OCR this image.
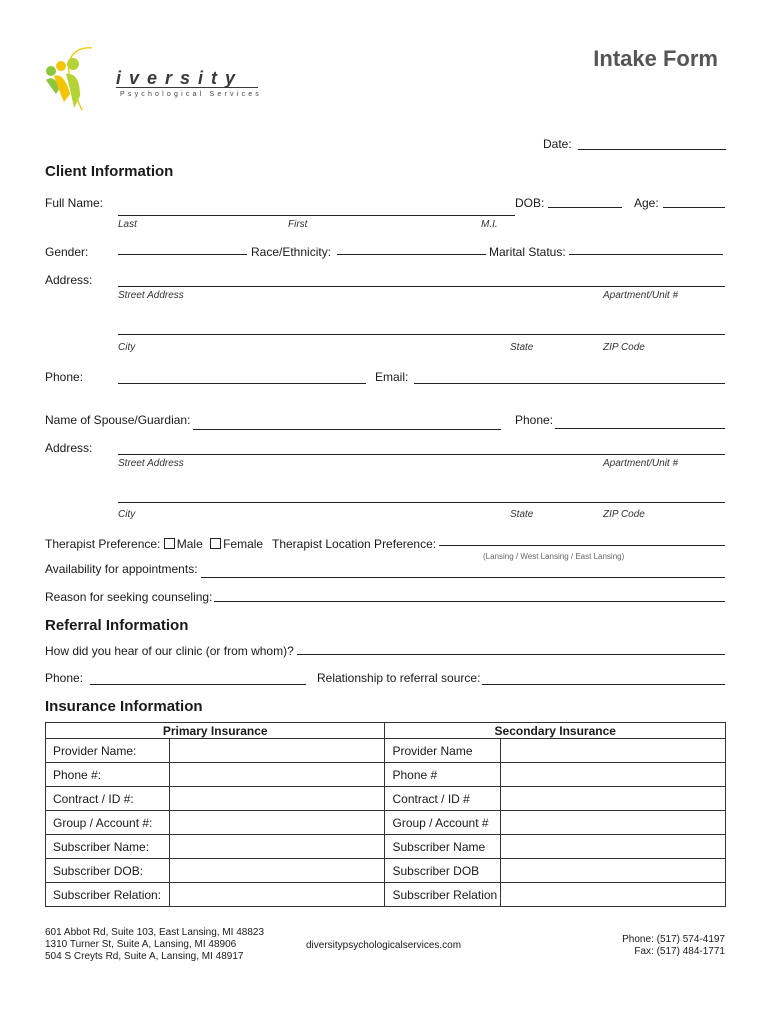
iversity
Psychological Services
Intake Form
Date:
Client Information
Full Name:	DOB:	Age:
Last	First	M.I.
Gender:	Race/Ethnicity:	Marital Status:
Address:
Street Address	Apartment/Unit #
City	State	ZIP Code
Phone:	Email:
Name of Spouse/Guardian:	Phone:
Address:
Street Address	Apartment/Unit #
City	State	ZIP Code
Therapist Preference: Male Female Therapist Location Preference:
(Lansing / West Lansing / East Lansing)
Availability for appointments:
Reason for seeking counseling:
Referral Information
How did you hear of our clinic (or from whom)?
Phone:	Relationship to referral source:
Insurance Information
Primary Insurance		Secondary Insurance	
Provider Name:		Provider Name	
Phone #:		Phone #	
Contract / ID #:		Contract / ID #	
Group / Account #:		Group / Account #	
Subscriber Name:		Subscriber Name	
Subscriber DOB:		Subscriber DOB	
Subscriber Relation:		Subscriber Relation	
601 Abbot Rd, Suite 103, East Lansing, MI 48823
1310 Turner St, Suite A, Lansing, MI 48906
504 S Creyts Rd, Suite A, Lansing, MI 48917
diversitypsychologicalservices.com
Phone: (517) 574-4197
Fax: (517) 484-1771
